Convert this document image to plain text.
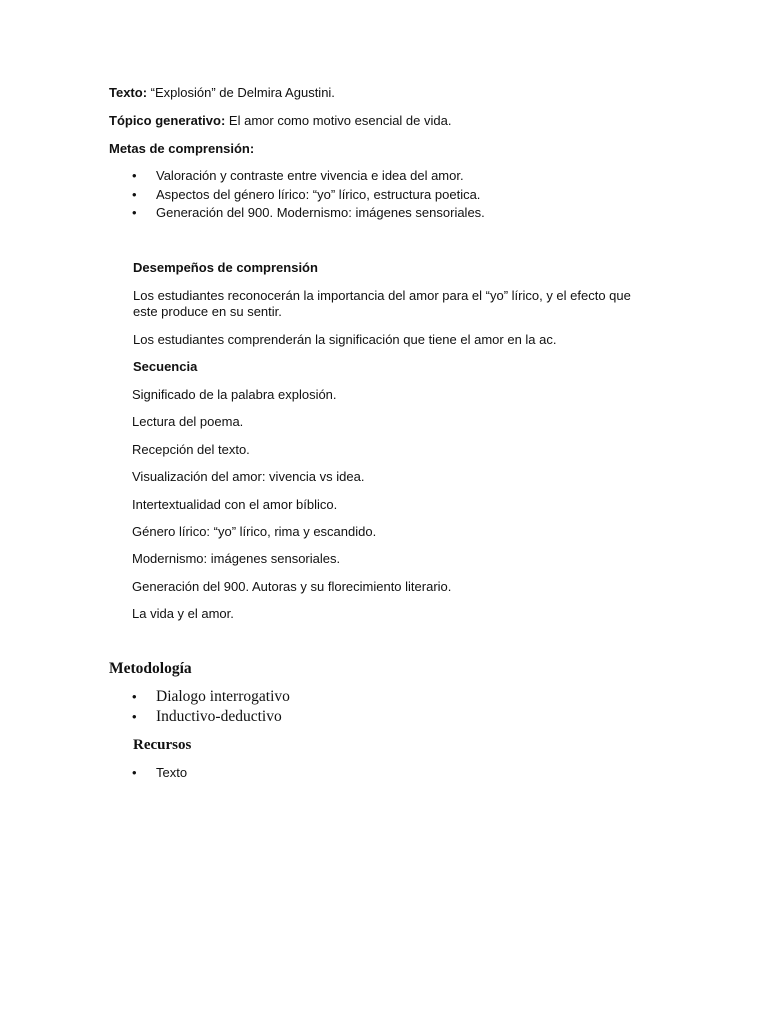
Texto: “Explosión” de Delmira Agustini.

Tópico generativo: El amor como motivo esencial de vida.

Metas de comprensión:

• Valoración y contraste entre vivencia e idea del amor.
• Aspectos del género lírico: “yo” lírico, estructura poetica.
• Generación del 900. Modernismo: imágenes sensoriales.

Desempeños de comprensión

Los estudiantes reconocerán la importancia del amor para el “yo” lírico, y el efecto que este produce en su sentir.

Los estudiantes comprenderán la significación que tiene el amor en la ac.

Secuencia

Significado de la palabra explosión.
Lectura del poema.
Recepción del texto.
Visualización del amor: vivencia vs idea.
Intertextualidad con el amor bíblico.
Género lírico: “yo” lírico, rima y escandido.
Modernismo: imágenes sensoriales.
Generación del 900. Autoras y su florecimiento literario.
La vida y el amor.

Metodología

• Dialogo interrogativo
• Inductivo-deductivo

Recursos

• Texto
